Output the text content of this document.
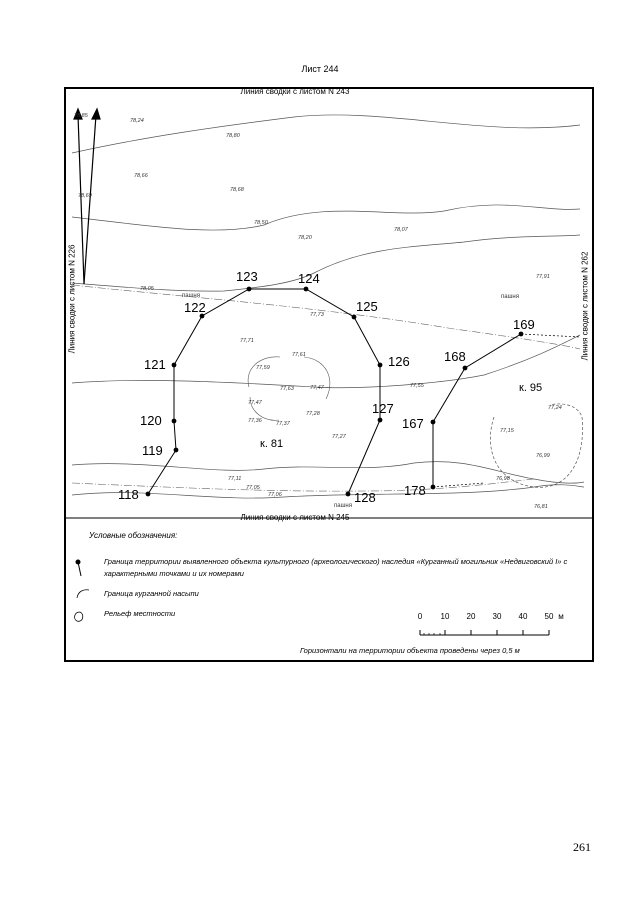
Лист 244
118
119
120
121
122
123	124
125
126
127
128
167
168
169
178
к. 81
к. 95
пашня	пашня
пашня
78,85
78,24
78,80
78,69
78,66
78,68
78,50
78,20
78,07
78,05
77,91
77,73
77,71
77,61
77,59
77,63	77,47
77,47
77,28
77,36	77,37
77,27
77,55
77,24
77,15
77,11
77,05
77,06
76,99
76,98
76,81
Линия сводки с листом N 243
Линия сводки с листом N 245
Линия сводки с листом N 226	Линия сводки с листом N 262
Условные обозначения:
Граница территории выявленного объекта культурного (археологического) наследия «Курганный могильник «Недвиговский I» с характерными точками и их номерами
Граница курганной насыпи
Рельеф местности	0 10 20 30 40 50 м
Горизонтали на территории объекта проведены через 0,5 м
261
